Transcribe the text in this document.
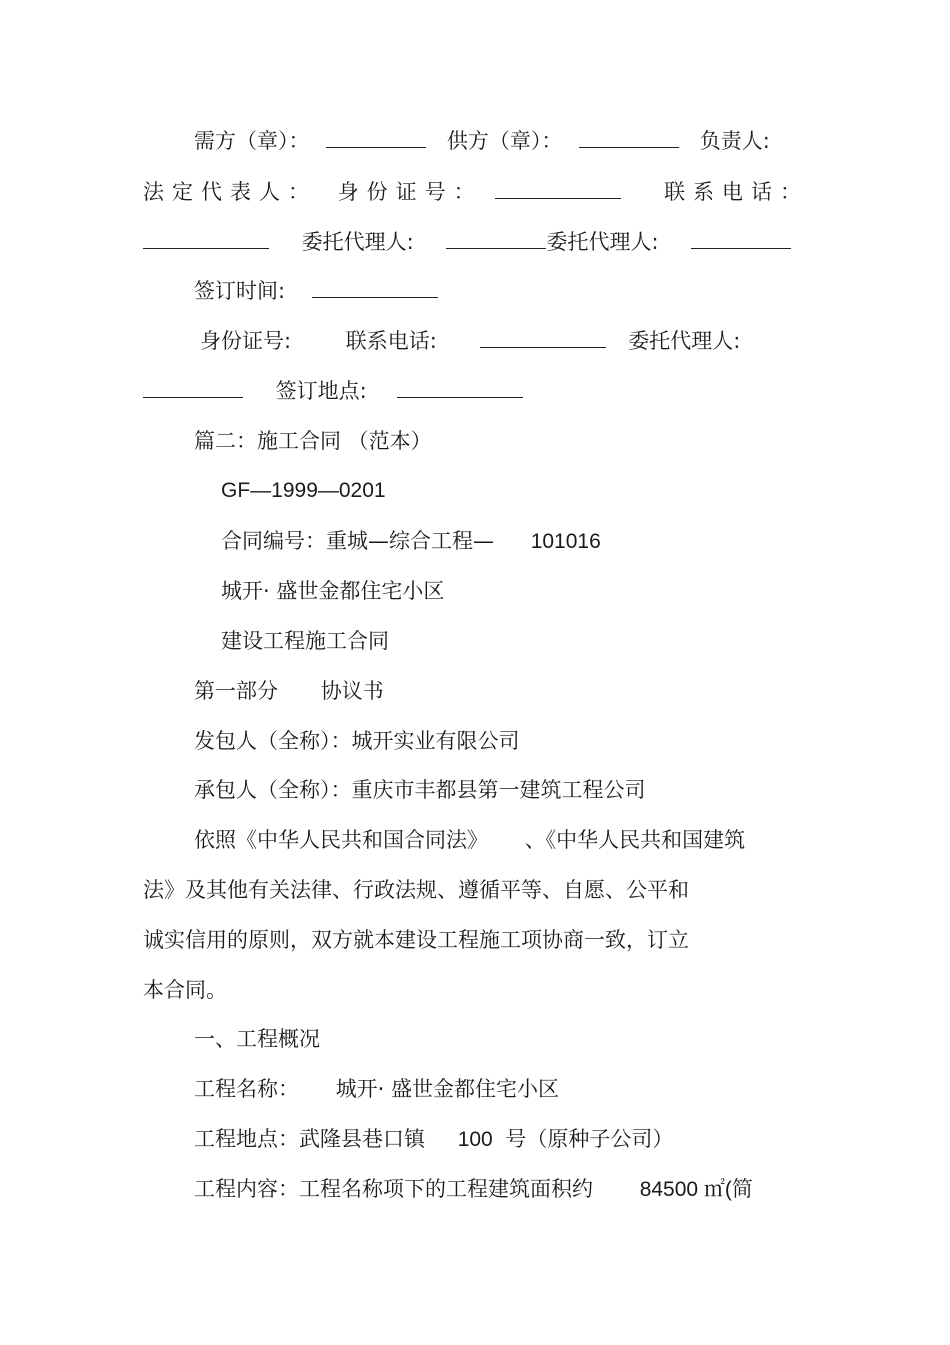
需方（章）：	供方（章）：	负责人:
法定代表人： 身份证号：	联系电话：
委托代理人:	委托代理人:
签订时间:
身份证号:	联系电话:	委托代理人:
签订地点:
篇二：施工合同 （范本）
GF—1999—0201
合同编号：重城—综合工程— 101016
城开· 盛世金都住宅小区
建设工程施工合同
第一部分 协议书
发包人（全称）：城开实业有限公司
承包人（全称）：重庆市丰都县第一建筑工程公司
依照《中华人民共和国合同法》 、《中华人民共和国建筑
法》及其他有关法律、行政法规、遵循平等、自愿、公平和
诚实信用的原则，双方就本建设工程施工项协商一致，订立
本合同。
一、工程概况
工程名称： 城开· 盛世金都住宅小区
工程地点：武隆县巷口镇 100 号（原种子公司）
工程内容：工程名称项下的工程建筑面积约 84500 ㎡(简
